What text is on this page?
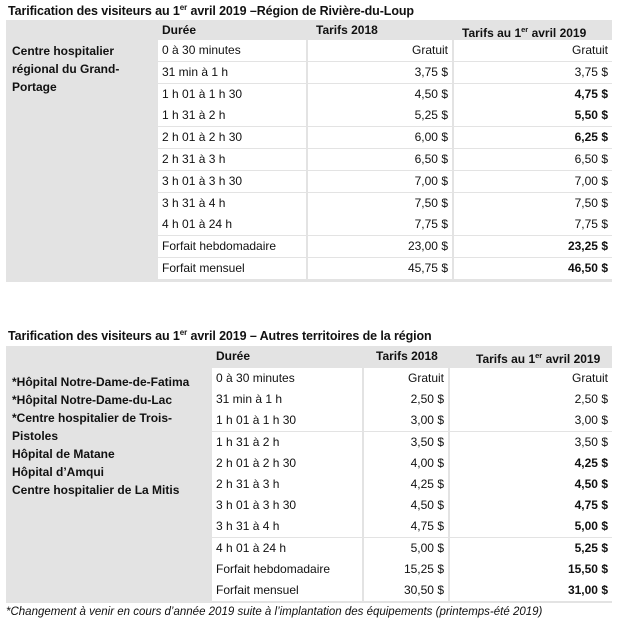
Tarification des visiteurs au 1er avril 2019 –Région de Rivière-du-Loup
Centre hospitalier
régional du Grand-
Portage
Durée	Tarifs 2018	Tarifs au 1er avril 2019
0 à 30 minutes	Gratuit	Gratuit
31 min à 1 h	3,75 $	3,75 $
1 h 01 à 1 h 30	4,50 $	4,75 $
1 h 31 à 2 h	5,25 $	5,50 $
2 h 01 à 2 h 30	6,00 $	6,25 $
2 h 31 à 3 h	6,50 $	6,50 $
3 h 01 à 3 h 30	7,00 $	7,00 $
3 h 31 à 4 h	7,50 $	7,50 $
4 h 01 à 24 h	7,75 $	7,75 $
Forfait hebdomadaire	23,00 $	23,25 $
Forfait mensuel	45,75 $	46,50 $
Tarification des visiteurs au 1er avril 2019 – Autres territoires de la région
*Hôpital Notre-Dame-de-Fatima
*Hôpital Notre-Dame-du-Lac
*Centre hospitalier de Trois-
Pistoles
Hôpital de Matane
Hôpital d’Amqui
Centre hospitalier de La Mitis
Durée	Tarifs 2018	Tarifs au 1er avril 2019
0 à 30 minutes	Gratuit	Gratuit
31 min à 1 h	2,50 $	2,50 $
1 h 01 à 1 h 30	3,00 $	3,00 $
1 h 31 à 2 h	3,50 $	3,50 $
2 h 01 à 2 h 30	4,00 $	4,25 $
2 h 31 à 3 h	4,25 $	4,50 $
3 h 01 à 3 h 30	4,50 $	4,75 $
3 h 31 à 4 h	4,75 $	5,00 $
4 h 01 à 24 h	5,00 $	5,25 $
Forfait hebdomadaire	15,25 $	15,50 $
Forfait mensuel	30,50 $	31,00 $
*Changement à venir en cours d’année 2019 suite à l’implantation des équipements (printemps-été 2019)
